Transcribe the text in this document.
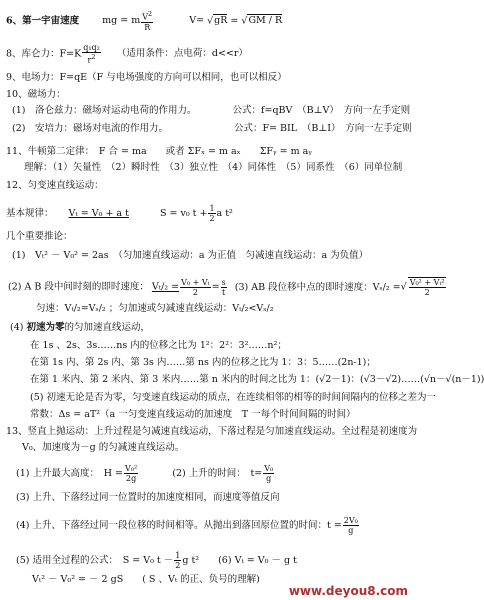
6、第一宇宙速度 mg = m $\frac{V^2}{R}$	V= √gR = √GM / R
8、库仑力：$F=K \frac{\text{q₁q₂}}{r^2}$ （适用条件：点电荷：d<<r）
9、电场力：F=qE（F 与电场强度的方向可以相同，也可以相反）
10、磁场力：
(1)　洛仑兹力：磁场对运动电荷的作用力。	公式：f=qBV　（B⊥V）　方向一左手定则
(2)　安培力：磁场对电流的作用力。	公式：F= BIL　（B⊥I）　方向一左手定则
11、牛顿第二定律：　F 合 = ma　　或者 ΣFₓ = m aₓ　　ΣFᵧ = m aᵧ
理解：（1）矢量性　（2）瞬时性　（3）独立性　（4）同体性　（5）同系性　（6）同单位制
12、匀变速直线运动：
基本规律： Vₜ = V₀ + a t	S = v₀ $t + \frac{1}{2}$ a t²
几个重要推论：
(1)　Vₜ² － V₀² = 2as　（匀加速直线运动：a 为正值　匀减速直线运动：a 为负值）
(2) A B 段中间时刻的即时速度： $V_t/_2 = \frac{\text{V₀ + Vₜ}}{2} = \frac{s}{t} (3)$ AB 段位移中点的即时速度：Vₛ/₂ =√ $\frac{\text{V₀² + Vₜ²}}{2}$
匀速：Vₜ/₂=Vₛ/₂ ；匀加速或匀减速直线运动：Vₜ/₂<Vₛ/₂
(4) 初速为零的匀加速直线运动，
在 1s 、2s、3s……ns 内的位移之比为 1²：2²：3²……n²；
在第 1s 内、第 2s 内、第 3s 内……第 ns 内的位移之比为 1：3：5……(2n-1)；
在第 1 米内、第 2 米内、第 3 米内……第 n 米内的时间之比为 1：(√2－1)：(√3－√2)……(√n－√(n－1))
(5) 初速无论是否为零，匀变速直线运动的质点，在连续相邻的相等的时间间隔内的位移之差为一
常数：Δs = aT²（a 一匀变速直线运动的加速度　T 一每个时间间隔的时间）
13、竖直上抛运动：上升过程是匀减速直线运动，下落过程是匀加速直线运动。全过程是初速度为
V₀、加速度为－g 的匀减速直线运动。
(1) 上升最大高度：　$H = \frac{\text{V₀²}}{2g}$	(2) 上升的时间：　$t= \frac{\text{V₀}}{g}$
(3) 上升、下落经过同一位置时的加速度相同，而速度等值反向
(4) 上升、下落经过同一段位移的时间相等。从抛出到落回原位置的时间：$t = \frac{\text{2V₀}}{g}$
(5) 适用全过程的公式：　S = V₀ $t - \frac{1}{2}$ g t²　　(6) Vₜ = V₀ － g t
Vₜ² － V₀² = － 2 gS　　( S 、Vₜ 的正、负号的理解)
www.deyou8.com
